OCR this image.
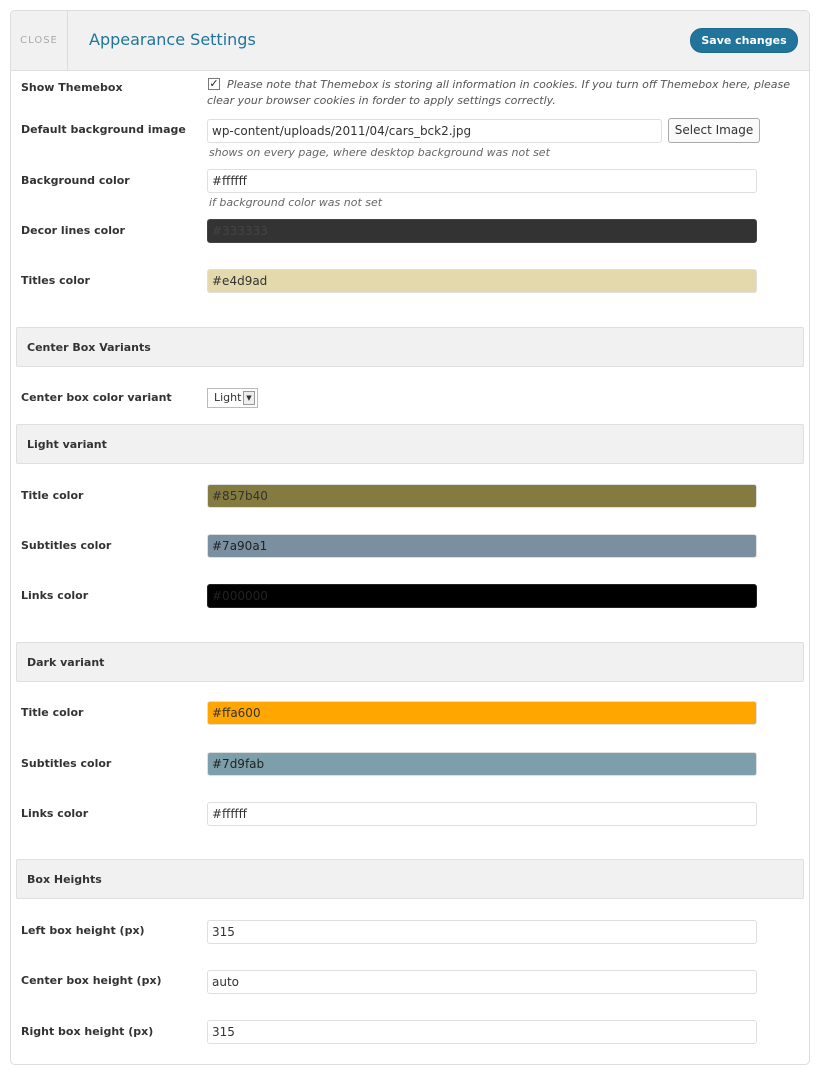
CLOSE	Appearance Settings	Save changes
Show Themebox	✓ Please note that Themebox is storing all information in cookies. If you turn off Themebox here, please clear your browser cookies in forder to apply settings correctly.
Default background image	wp-content/uploads/2011/04/cars_bck2.jpg	Select Image
shows on every page, where desktop background was not set
Background color	#ffffff
if background color was not set
Decor lines color	#333333
Titles color	#e4d9ad
Center Box Variants
Center box color variant	Light ▼
Light variant
Title color	#857b40
Subtitles color	#7a90a1
Links color	#000000
Dark variant
Title color	#ffa600
Subtitles color	#7d9fab
Links color	#ffffff
Box Heights
Left box height (px)	315
Center box height (px)	auto
Right box height (px)	315
